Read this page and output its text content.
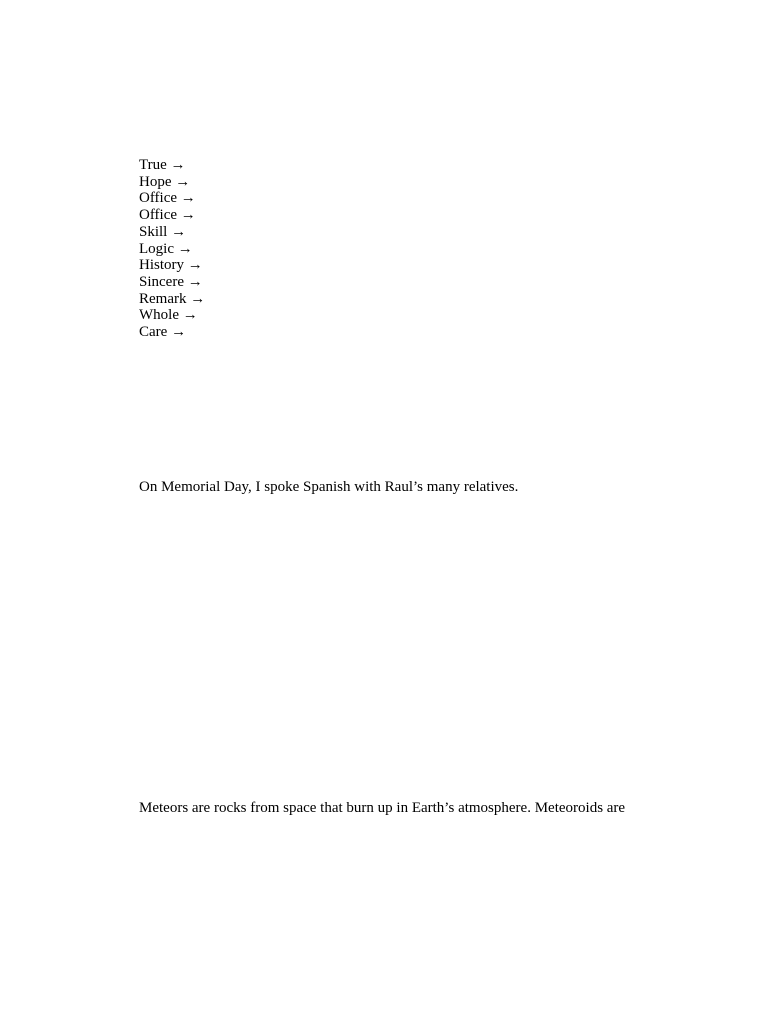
True →
Hope →
Office →
Office →
Skill →
Logic →
History →
Sincere →
Remark →
Whole →
Care →

On Memorial Day, I spoke Spanish with Raul’s many relatives.

Meteors are rocks from space that burn up in Earth’s atmosphere. Meteoroids are
